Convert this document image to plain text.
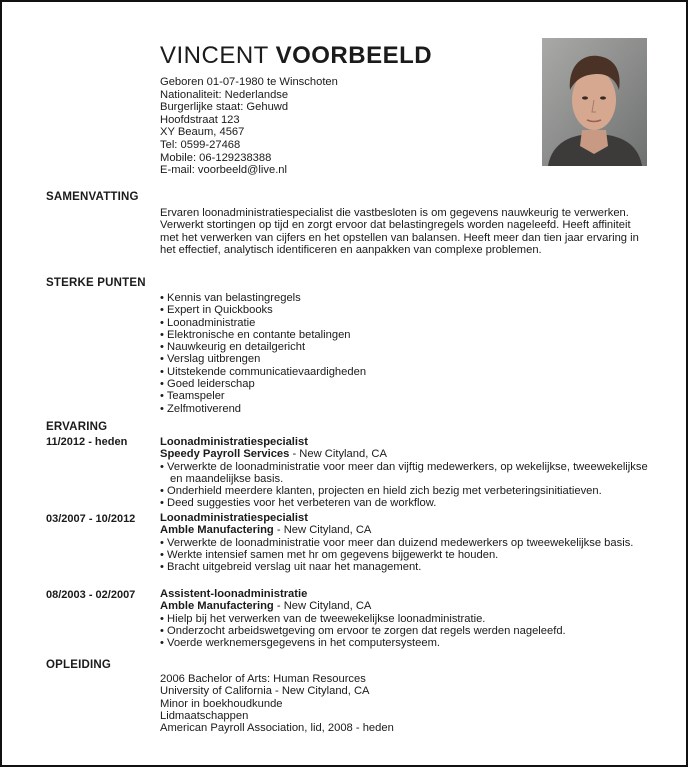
VINCENT VOORBEELD
Geboren 01-07-1980 te Winschoten
Nationaliteit: Nederlandse
Burgerlijke staat: Gehuwd
Hoofdstraat 123
XY Beaum, 4567
Tel: 0599-27468
Mobile: 06-129238388
E-mail: voorbeeld@live.nl
SAMENVATTING
Ervaren loonadministratiespecialist die vastbesloten is om gegevens nauwkeurig te verwerken. Verwerkt stortingen op tijd en zorgt ervoor dat belastingregels worden nageleefd. Heeft affiniteit met het verwerken van cijfers en het opstellen van balansen. Heeft meer dan tien jaar ervaring in het effectief, analytisch identificeren en aanpakken van complexe problemen.
STERKE PUNTEN
• Kennis van belastingregels
• Expert in Quickbooks
• Loonadministratie
• Elektronische en contante betalingen
• Nauwkeurig en detailgericht
• Verslag uitbrengen
• Uitstekende communicatievaardigheden
• Goed leiderschap
• Teamspeler
• Zelfmotiverend
ERVARING
11/2012 - heden	Loonadministratiespecialist
Speedy Payroll Services - New Cityland, CA
• Verwerkte de loonadministratie voor meer dan vijftig medewerkers, op wekelijkse, tweewekelijkse en maandelijkse basis.
• Onderhield meerdere klanten, projecten en hield zich bezig met verbeteringsinitiatieven.
• Deed suggesties voor het verbeteren van de workflow.
03/2007 - 10/2012 Loonadministratiespecialist
Amble Manufactering - New Cityland, CA
• Verwerkte de loonadministratie voor meer dan duizend medewerkers op tweewekelijkse basis.
• Werkte intensief samen met hr om gegevens bijgewerkt te houden.
• Bracht uitgebreid verslag uit naar het management.
08/2003 - 02/2007 Assistent-loonadministratie
Amble Manufactering - New Cityland, CA
• Hielp bij het verwerken van de tweewekelijkse loonadministratie.
• Onderzocht arbeidswetgeving om ervoor te zorgen dat regels werden nageleefd.
• Voerde werknemersgegevens in het computersysteem.
OPLEIDING
2006 Bachelor of Arts: Human Resources
University of California - New Cityland, CA
Minor in boekhoudkunde
Lidmaatschappen
American Payroll Association, lid, 2008 - heden
